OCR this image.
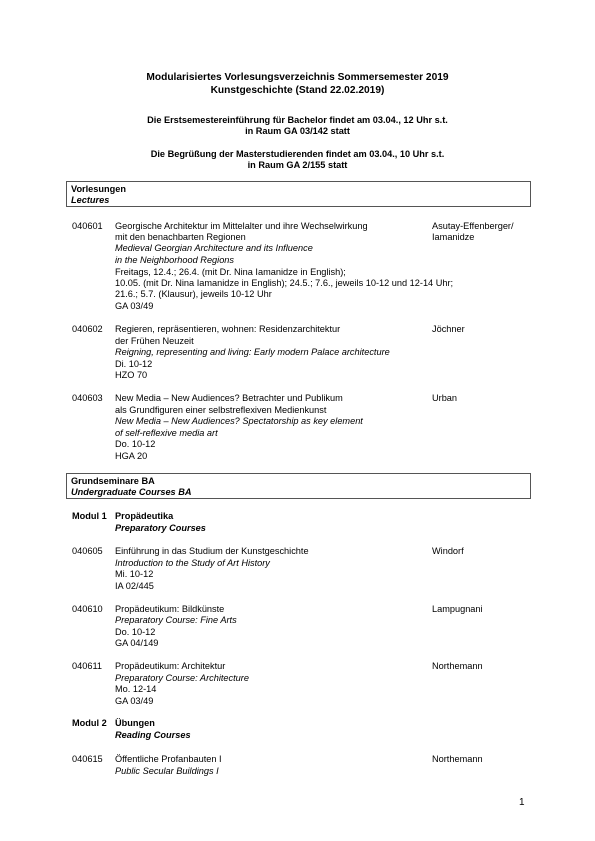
Modularisiertes Vorlesungsverzeichnis Sommersemester 2019
Kunstgeschichte (Stand 22.02.2019)
Die Erstsemestereinführung für Bachelor findet am 03.04., 12 Uhr s.t.
in Raum GA 03/142 statt
Die Begrüßung der Masterstudierenden findet am 03.04., 10 Uhr s.t.
in Raum GA 2/155 statt
Vorlesungen
Lectures
040601 Georgische Architektur im Mittelalter und ihre Wechselwirkung
mit den benachbarten Regionen
Medieval Georgian Architecture and its Influence
in the Neighborhood Regions
Freitags, 12.4.; 26.4. (mit Dr. Nina Iamanidze in English);
10.05. (mit Dr. Nina Iamanidze in English); 24.5.; 7.6., jeweils 10-12 und 12-14 Uhr;
21.6.; 5.7. (Klausur), jeweils 10-12 Uhr
GA 03/49
Asutay-Effenberger/
Iamanidze
040602 Regieren, repräsentieren, wohnen: Residenzarchitektur
der Frühen Neuzeit
Reigning, representing and living: Early modern Palace architecture
Di. 10-12
HZO 70
Jöchner
040603 New Media – New Audiences? Betrachter und Publikum
als Grundfiguren einer selbstreflexiven Medienkunst
New Media – New Audiences? Spectatorship as key element
of self-reflexive media art
Do. 10-12
HGA 20
Urban
Grundseminare BA
Undergraduate Courses BA
Modul 1 Propädeutika
Preparatory Courses
040605 Einführung in das Studium der Kunstgeschichte
Introduction to the Study of Art History
Mi. 10-12
IA 02/445
Windorf
040610 Propädeutikum: Bildkünste
Preparatory Course: Fine Arts
Do. 10-12
GA 04/149
Lampugnani
040611 Propädeutikum: Architektur
Preparatory Course: Architecture
Mo. 12-14
GA 03/49
Northemann
Modul 2 Übungen
Reading Courses
040615 Öffentliche Profanbauten I
Public Secular Buildings I
Northemann
1
